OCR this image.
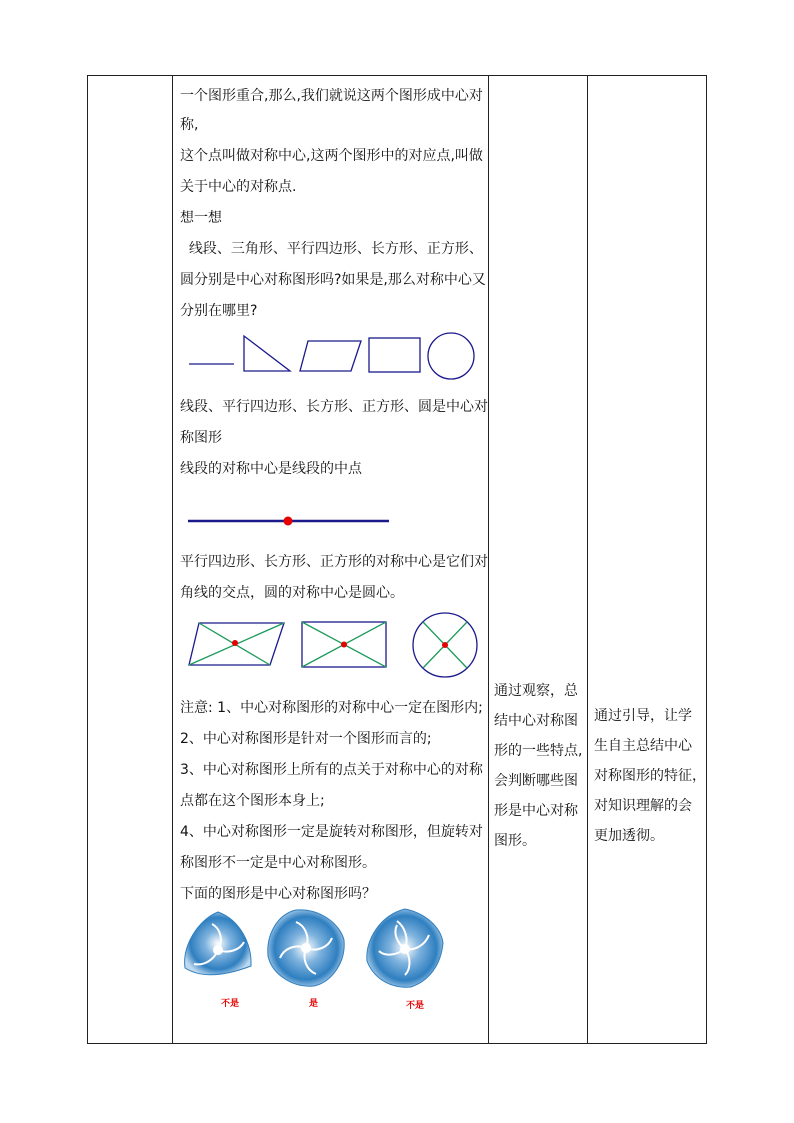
一个图形重合,那么,我们就说这两个图形成中心对
称,
这个点叫做对称中心,这两个图形中的对应点,叫做
关于中心的对称点.
想一想
线段、三角形、平行四边形、长方形、正方形、
圆分别是中心对称图形吗?如果是,那么对称中心又
分别在哪里?
线段、平行四边形、长方形、正方形、圆是中心对
称图形
线段的对称中心是线段的中点
平行四边形、长方形、正方形的对称中心是它们对
角线的交点，圆的对称中心是圆心。
注意: 1、中心对称图形的对称中心一定在图形内;
2、中心对称图形是针对一个图形而言的;
3、中心对称图形上所有的点关于对称中心的对称
点都在这个图形本身上;
4、中心对称图形一定是旋转对称图形，但旋转对
称图形不一定是中心对称图形。
下面的图形是中心对称图形吗？
不是	是	不是
通过观察，总
结中心对称图
形的一些特点,
会判断哪些图
形是中心对称
图形。
通过引导，让学
生自主总结中心
对称图形的特征，
对知识理解的会
更加透彻。
